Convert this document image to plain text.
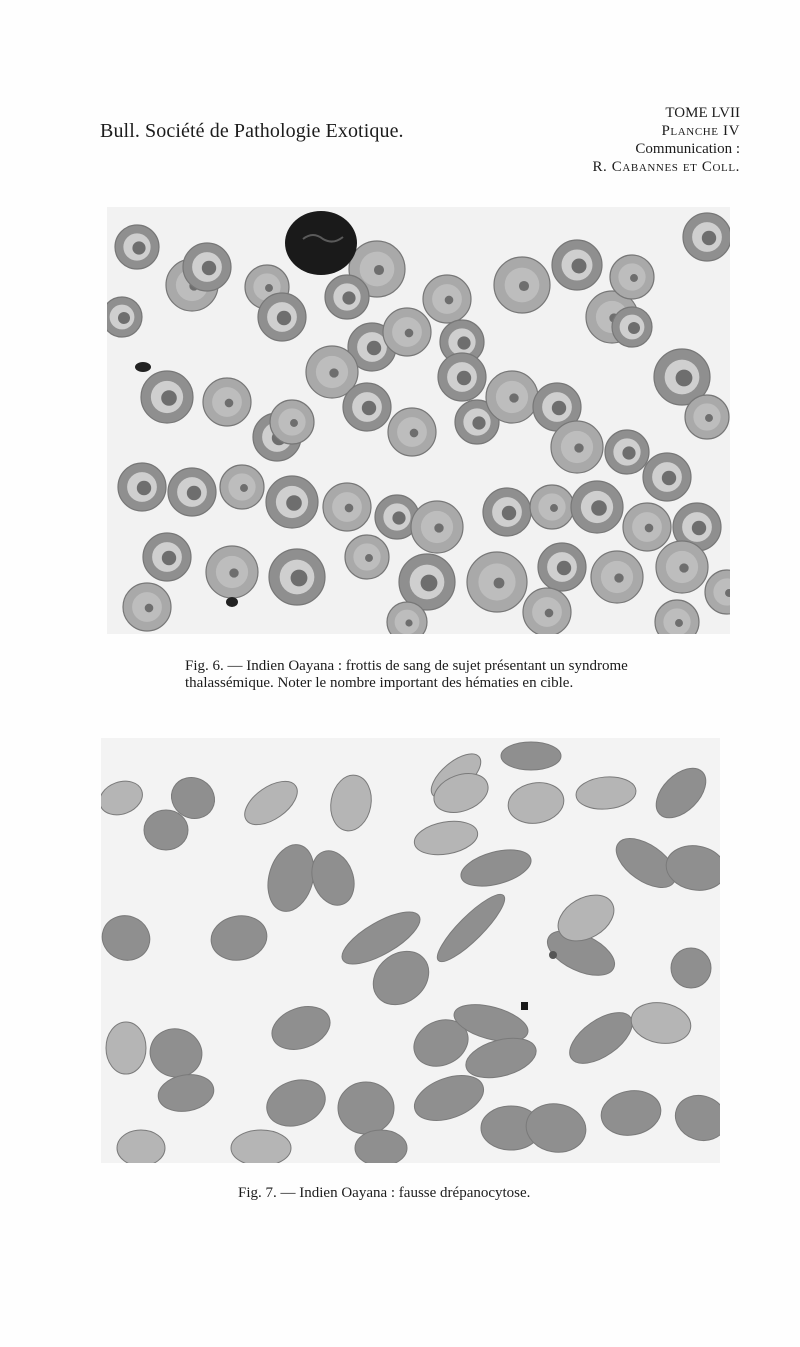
Bull. Société de Pathologie Exotique.
TOME LVII
Planche IV
Communication :
R. Cabannes et Coll.
Fig. 6. — Indien Oayana : frottis de sang de sujet présentant un syndrome
thalassémique. Noter le nombre important des hématies en cible.
Fig. 7. — Indien Oayana : fausse drépanocytose.
